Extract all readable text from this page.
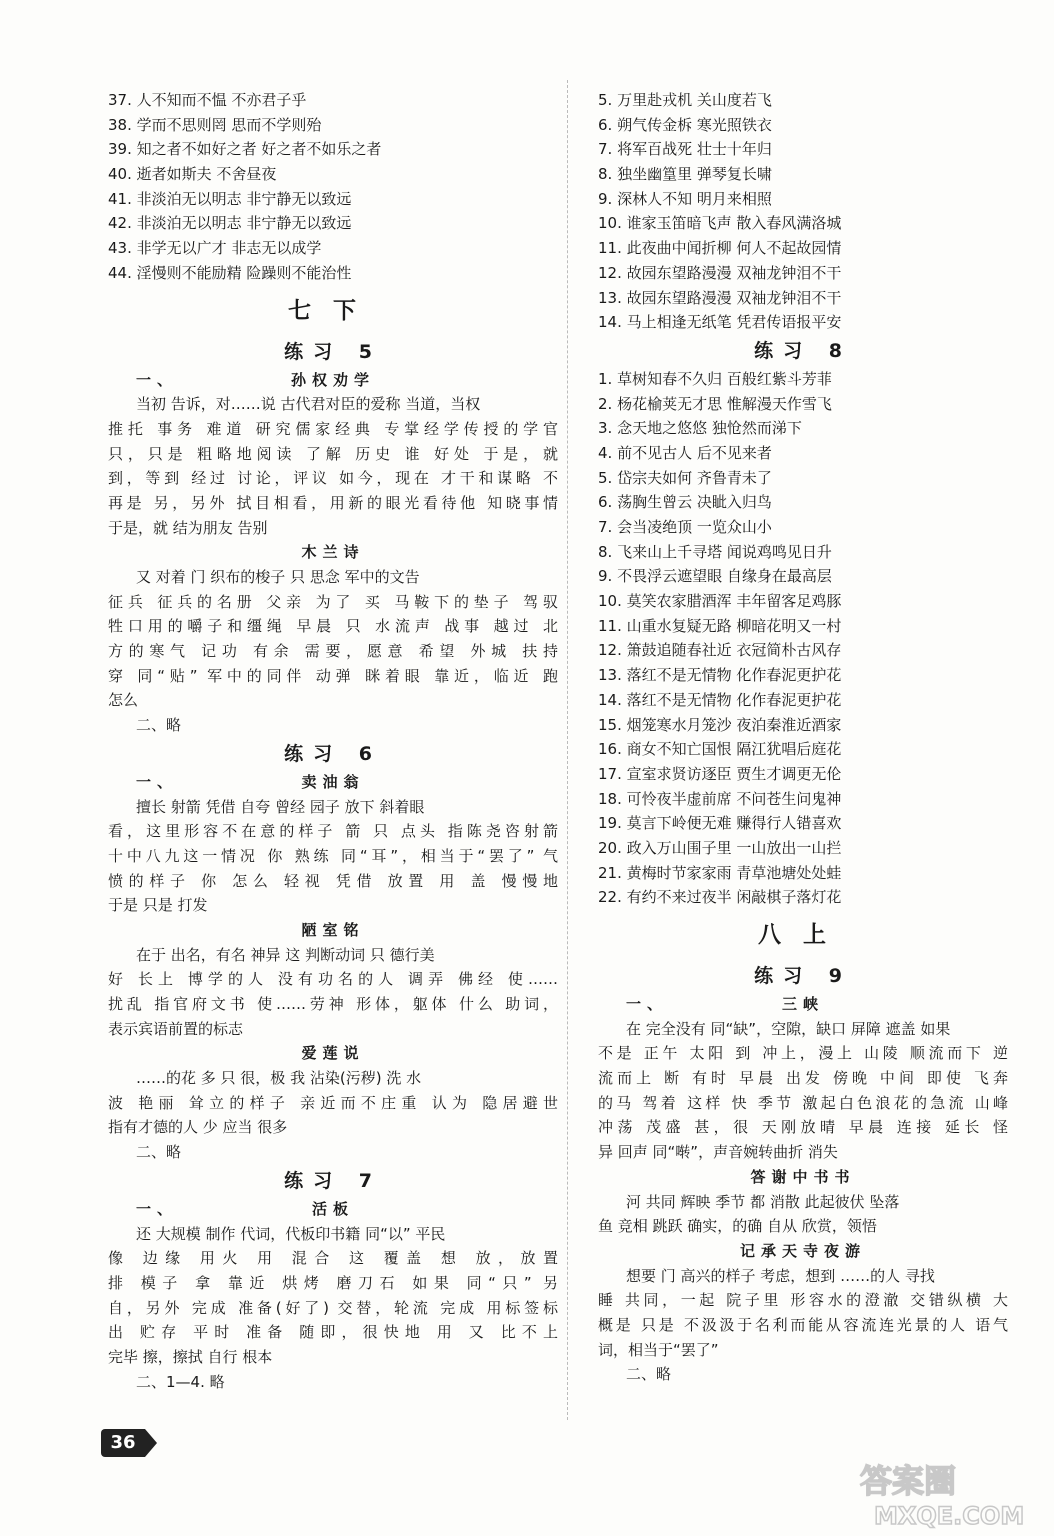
37. 人不知而不愠 不亦君子乎
38. 学而不思则罔 思而不学则殆
39. 知之者不如好之者 好之者不如乐之者
40. 逝者如斯夫 不舍昼夜
41. 非淡泊无以明志 非宁静无以致远
42. 非淡泊无以明志 非宁静无以致远
43. 非学无以广才 非志无以成学
44. 淫慢则不能励精 险躁则不能治性
七下
练习 5
一、	孙权劝学
当初 告诉，对……说 古代君对臣的爱称 当道，当权
推托 事务 难道 研究儒家经典 专掌经学传授的学官
只，只是 粗略地阅读 了解 历史 谁 好处 于是，就
到，等到 经过 讨论，评议 如今，现在 才干和谋略 不
再是 另，另外 拭目相看，用新的眼光看待他 知晓事情
于是，就 结为朋友 告别
木兰诗
又 对着 门 织布的梭子 只 思念 军中的文告
征兵 征兵的名册 父亲 为了 买 马鞍下的垫子 驾驭
牲口用的嚼子和缰绳 早晨 只 水流声 战事 越过 北
方的寒气 记功 有余 需要，愿意 希望 外城 扶持
穿 同“贴” 军中的同伴 动弹 眯着眼 靠近，临近 跑
怎么
二、略
练习 6
一、	卖油翁
擅长 射箭 凭借 自夸 曾经 园子 放下 斜着眼
看，这里形容不在意的样子 箭 只 点头 指陈尧咨射箭
十中八九这一情况 你 熟练 同“耳”，相当于“罢了” 气
愤的样子 你 怎么 轻视 凭借 放置 用 盖 慢慢地
于是 只是 打发
陋室铭
在于 出名，有名 神异 这 判断动词 只 德行美
好 长上 博学的人 没有功名的人 调弄 佛经 使……
扰乱 指官府文书 使……劳神 形体，躯体 什么 助词，
表示宾语前置的标志
爱莲说
……的花 多 只 很，极 我 沾染(污秽) 洗 水
波 艳丽 耸立的样子 亲近而不庄重 认为 隐居避世
指有才德的人 少 应当 很多
二、略
练习 7
一、	活板
还 大规模 制作 代词，代板印书籍 同“以” 平民
像 边缘 用火 用 混合 这 覆盖 想 放，放置
排 模子 拿 靠近 烘烤 磨刀石 如果 同“只” 另
自，另外 完成 准备(好了) 交替，轮流 完成 用标签标
出 贮存 平时 准备 随即，很快地 用 又 比不上
完毕 擦，擦拭 自行 根本
二、1—4. 略
5. 万里赴戎机 关山度若飞
6. 朔气传金柝 寒光照铁衣
7. 将军百战死 壮士十年归
8. 独坐幽篁里 弹琴复长啸
9. 深林人不知 明月来相照
10. 谁家玉笛暗飞声 散入春风满洛城
11. 此夜曲中闻折柳 何人不起故园情
12. 故园东望路漫漫 双袖龙钟泪不干
13. 故园东望路漫漫 双袖龙钟泪不干
14. 马上相逢无纸笔 凭君传语报平安
练习 8
1. 草树知春不久归 百般红紫斗芳菲
2. 杨花榆荚无才思 惟解漫天作雪飞
3. 念天地之悠悠 独怆然而涕下
4. 前不见古人 后不见来者
5. 岱宗夫如何 齐鲁青未了
6. 荡胸生曾云 决眦入归鸟
7. 会当凌绝顶 一览众山小
8. 飞来山上千寻塔 闻说鸡鸣见日升
9. 不畏浮云遮望眼 自缘身在最高层
10. 莫笑农家腊酒浑 丰年留客足鸡豚
11. 山重水复疑无路 柳暗花明又一村
12. 箫鼓追随春社近 衣冠简朴古风存
13. 落红不是无情物 化作春泥更护花
14. 落红不是无情物 化作春泥更护花
15. 烟笼寒水月笼沙 夜泊秦淮近酒家
16. 商女不知亡国恨 隔江犹唱后庭花
17. 宣室求贤访逐臣 贾生才调更无伦
18. 可怜夜半虚前席 不问苍生问鬼神
19. 莫言下岭便无难 赚得行人错喜欢
20. 政入万山围子里 一山放出一山拦
21. 黄梅时节家家雨 青草池塘处处蛙
22. 有约不来过夜半 闲敲棋子落灯花
八上
练习 9
一、	三峡
在 完全没有 同“缺”，空隙，缺口 屏障 遮盖 如果
不是 正午 太阳 到 冲上，漫上 山陵 顺流而下 逆
流而上 断 有时 早晨 出发 傍晚 中间 即使 飞奔
的马 驾着 这样 快 季节 激起白色浪花的急流 山峰
冲荡 茂盛 甚，很 天刚放晴 早晨 连接 延长 怪
异 回声 同“啭”，声音婉转曲折 消失
答谢中书书
河 共同 辉映 季节 都 消散 此起彼伏 坠落
鱼 竞相 跳跃 确实，的确 自从 欣赏，领悟
记承天寺夜游
想要 门 高兴的样子 考虑，想到 ……的人 寻找
睡 共同，一起 院子里 形容水的澄澈 交错纵横 大
概是 只是 不汲汲于名利而能从容流连光景的人 语气
词，相当于“罢了”
二、略
36
答案圈
MXQE.COM
